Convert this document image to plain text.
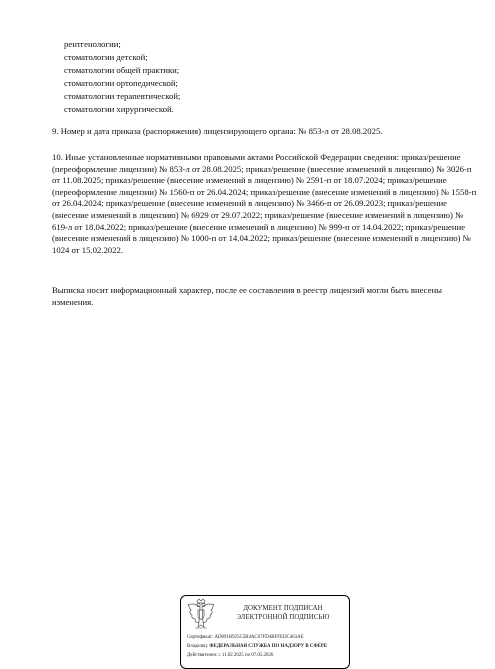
рентгенологии;
стоматологии детской;
стоматологии общей практики;
стоматологии ортопедической;
стоматологии терапевтической;
стоматологии хирургической.

9. Номер и дата приказа (распоряжения) лицензирующего органа: № 853-л от 28.08.2025.

10. Иные установленные нормативными правовыми актами Российской Федерации сведения: приказ/решение (переоформление лицензии) № 853-л от 28.08.2025; приказ/решение (внесение изменений в лицензию) № 3026-п от 11.08.2025; приказ/решение (внесение изменений в лицензию) № 2591-п от 18.07.2024; приказ/решение (переоформление лицензии) № 1560-п от 26.04.2024; приказ/решение (внесение изменений в лицензию) № 1558-п от 26.04.2024; приказ/решение (внесение изменений в лицензию) № 3466-п от 26.09.2023; приказ/решение (внесение изменений в лицензию) № 6929 от 29.07.2022; приказ/решение (внесение изменений в лицензию) № 619-л от 18.04.2022; приказ/решение (внесение изменений в лицензию) № 999-п от 14.04.2022; приказ/решение (внесение изменений в лицензию) № 1000-п от 14.04.2022; приказ/решение (внесение изменений в лицензию) № 1024 от 15.02.2022.

Выписка носит информационный характер, после ее составления в реестр лицензий могли быть внесены изменения.

ДОКУМЕНТ ПОДПИСАН
ЭЛЕКТРОННОЙ ПОДПИСЬЮ
Сертификат: AD891B925C5B4AC67FD4BFFEDC463AE
Владелец: ФЕДЕРАЛЬНАЯ СЛУЖБА ПО НАДЗОРУ В СФЕРЕ
Действителен: с 11.02.2025 по 07.05.2026
